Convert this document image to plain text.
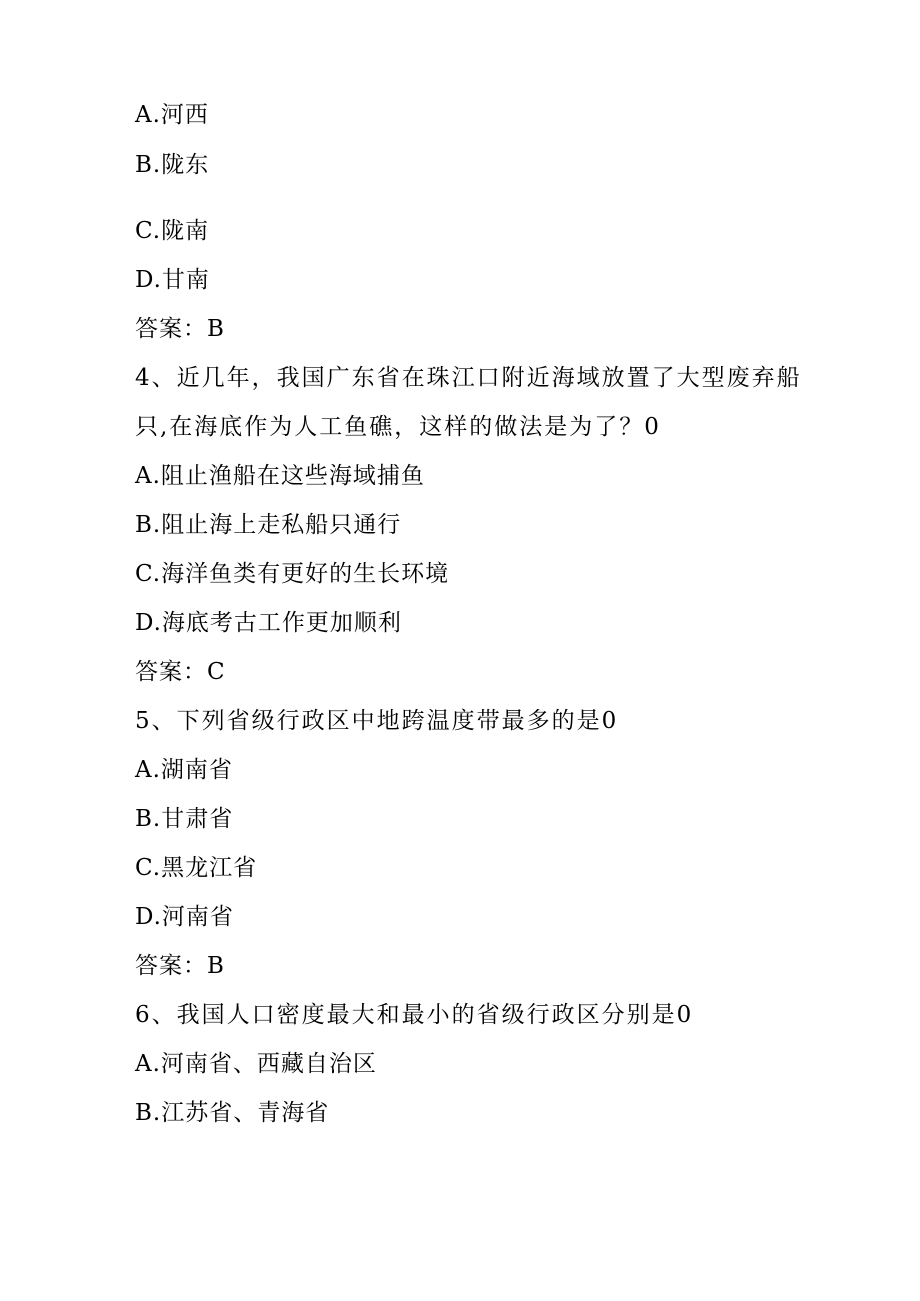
A.河西
B.陇东
C.陇南
D.甘南
答案：B
4、近几年，我国广东省在珠江口附近海域放置了大型废弃船
只,在海底作为人工鱼礁，这样的做法是为了？0
A.阻止渔船在这些海域捕鱼
B.阻止海上走私船只通行
C.海洋鱼类有更好的生长环境
D.海底考古工作更加顺利
答案：C
5、下列省级行政区中地跨温度带最多的是0
A.湖南省
B.甘肃省
C.黑龙江省
D.河南省
答案：B
6、我国人口密度最大和最小的省级行政区分别是0
A.河南省、西藏自治区
B.江苏省、青海省
